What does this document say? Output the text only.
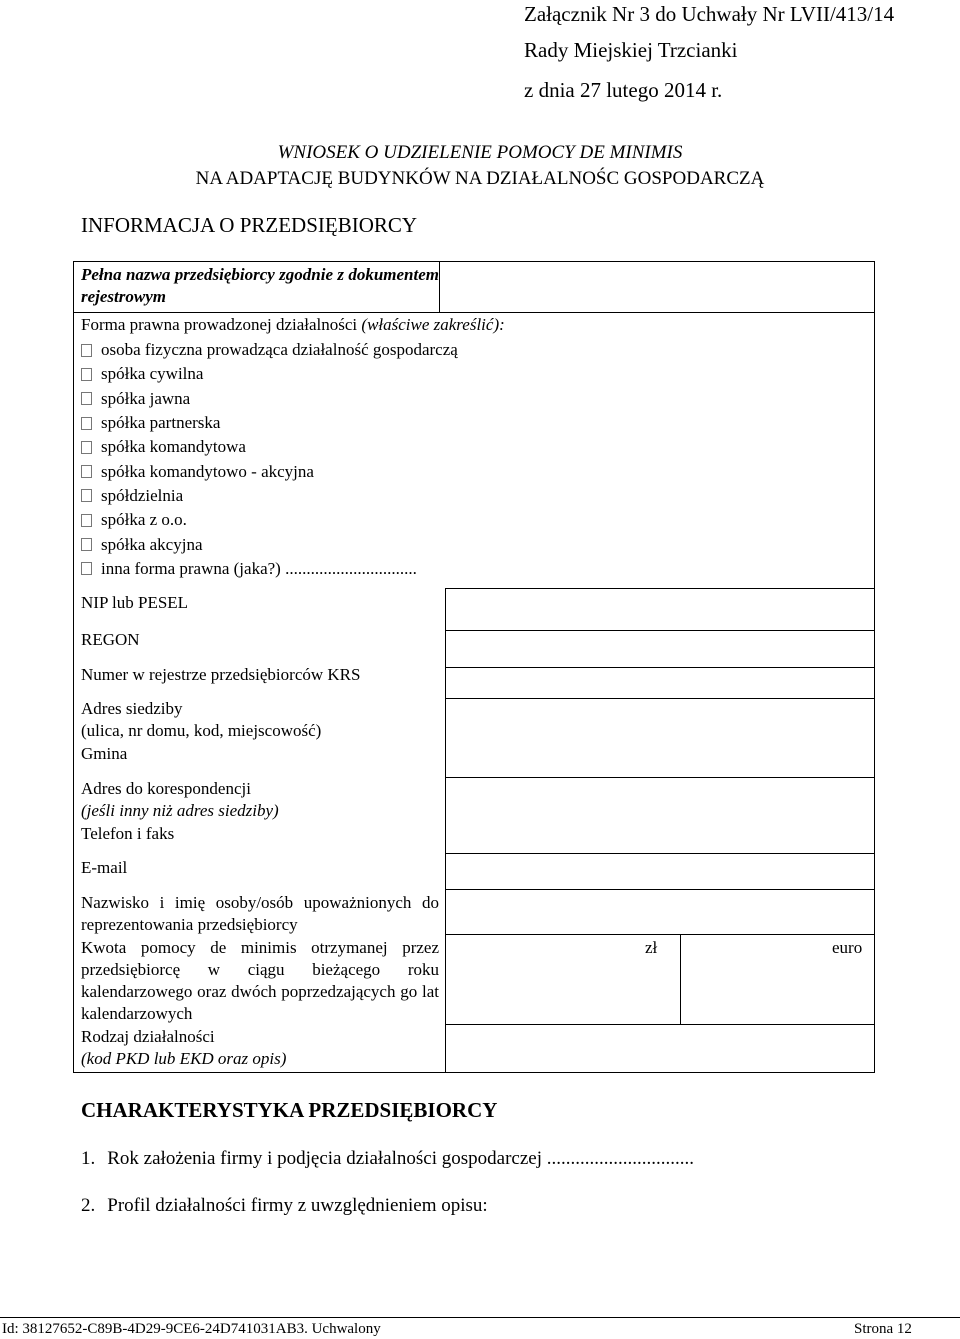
Załącznik Nr 3 do Uchwały Nr LVII/413/14
Rady Miejskiej Trzcianki
z dnia 27 lutego 2014 r.
WNIOSEK O UDZIELENIE POMOCY DE MINIMIS
NA ADAPTACJĘ BUDYNKÓW NA DZIAŁALNOŚC GOSPODARCZĄ
INFORMACJA O PRZEDSIĘBIORCY
Pełna nazwa przedsiębiorcy zgodnie z dokumentem rejestrowym
Forma prawna prowadzonej działalności (właściwe zakreślić):
osoba fizyczna prowadząca działalność gospodarczą
spółka cywilna
spółka jawna
spółka partnerska
spółka komandytowa
spółka komandytowo - akcyjna
spółdzielnia
spółka z o.o.
spółka akcyjna
inna forma prawna (jaka?) ...............................
NIP lub PESEL
REGON
Numer w rejestrze przedsiębiorców KRS
Adres siedziby
(ulica, nr domu, kod, miejscowość)
Gmina
Adres do korespondencji
(jeśli inny niż adres siedziby)
Telefon i faks
E-mail
Nazwisko i imię osoby/osób upoważnionych do reprezentowania przedsiębiorcy
Kwota pomocy de minimis otrzymanej przez przedsiębiorcę w ciągu bieżącego roku kalendarzowego oraz dwóch poprzedzających go lat kalendarzowych
zł	euro
Rodzaj działalności
(kod PKD lub EKD oraz opis)
CHARAKTERYSTYKA PRZEDSIĘBIORCY
1. Rok założenia firmy i podjęcia działalności gospodarczej ...............................
2. Profil działalności firmy z uwzględnieniem opisu:
Id: 38127652-C89B-4D29-9CE6-24D741031AB3. Uchwalony	Strona 12
